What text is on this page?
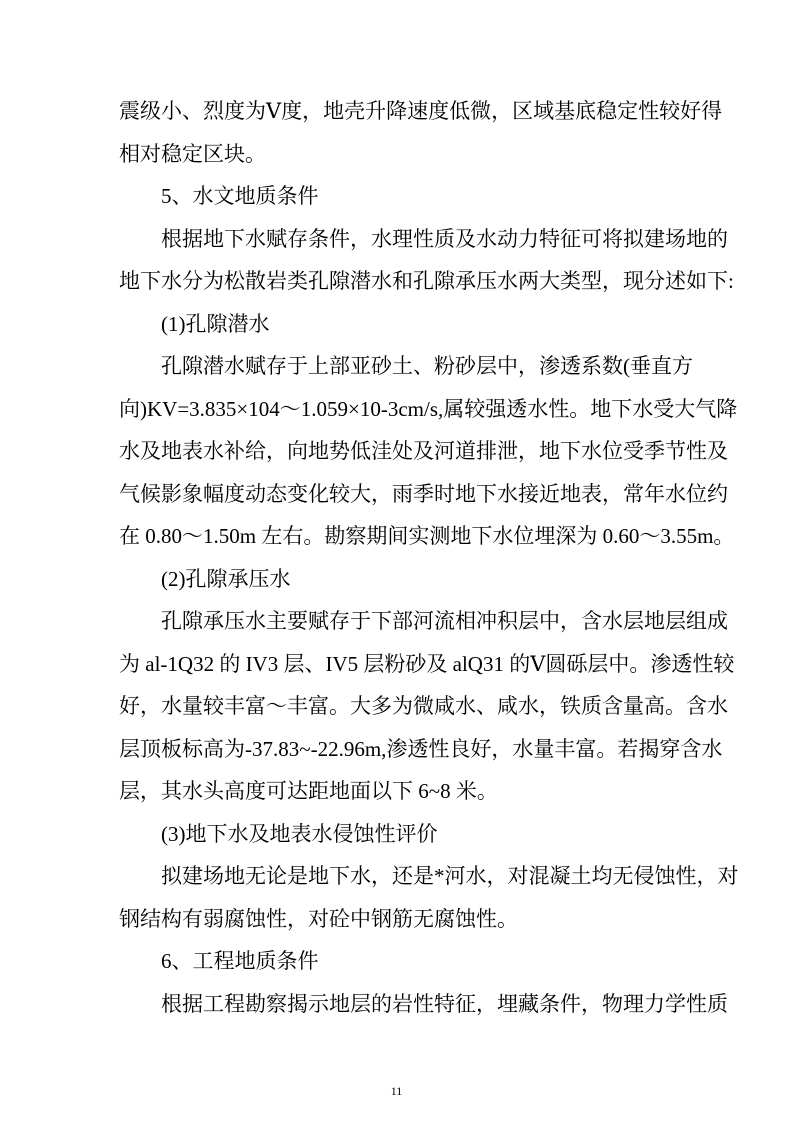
震级小、烈度为Ⅴ度，地壳升降速度低微，区域基底稳定性较好得
相对稳定区块。
5、水文地质条件
根据地下水赋存条件，水理性质及水动力特征可将拟建场地的
地下水分为松散岩类孔隙潜水和孔隙承压水两大类型，现分述如下:
(1)孔隙潜水
孔隙潜水赋存于上部亚砂土、粉砂层中，渗透系数(垂直方
向)KV=3.835×104～1.059×10-3cm/s,属较强透水性。地下水受大气降
水及地表水补给，向地势低洼处及河道排泄，地下水位受季节性及
气候影象幅度动态变化较大，雨季时地下水接近地表，常年水位约
在 0.80～1.50m 左右。勘察期间实测地下水位埋深为 0.60～3.55m。
(2)孔隙承压水
孔隙承压水主要赋存于下部河流相冲积层中，含水层地层组成
为 al-1Q32 的 IV3 层、IV5 层粉砂及 alQ31 的Ⅴ圆砾层中。渗透性较
好，水量较丰富～丰富。大多为微咸水、咸水，铁质含量高。含水
层顶板标高为-37.83~-22.96m,渗透性良好，水量丰富。若揭穿含水
层，其水头高度可达距地面以下 6~8 米。
(3)地下水及地表水侵蚀性评价
拟建场地无论是地下水，还是*河水，对混凝土均无侵蚀性，对
钢结构有弱腐蚀性，对砼中钢筋无腐蚀性。
6、工程地质条件
根据工程勘察揭示地层的岩性特征，埋藏条件，物理力学性质
11
